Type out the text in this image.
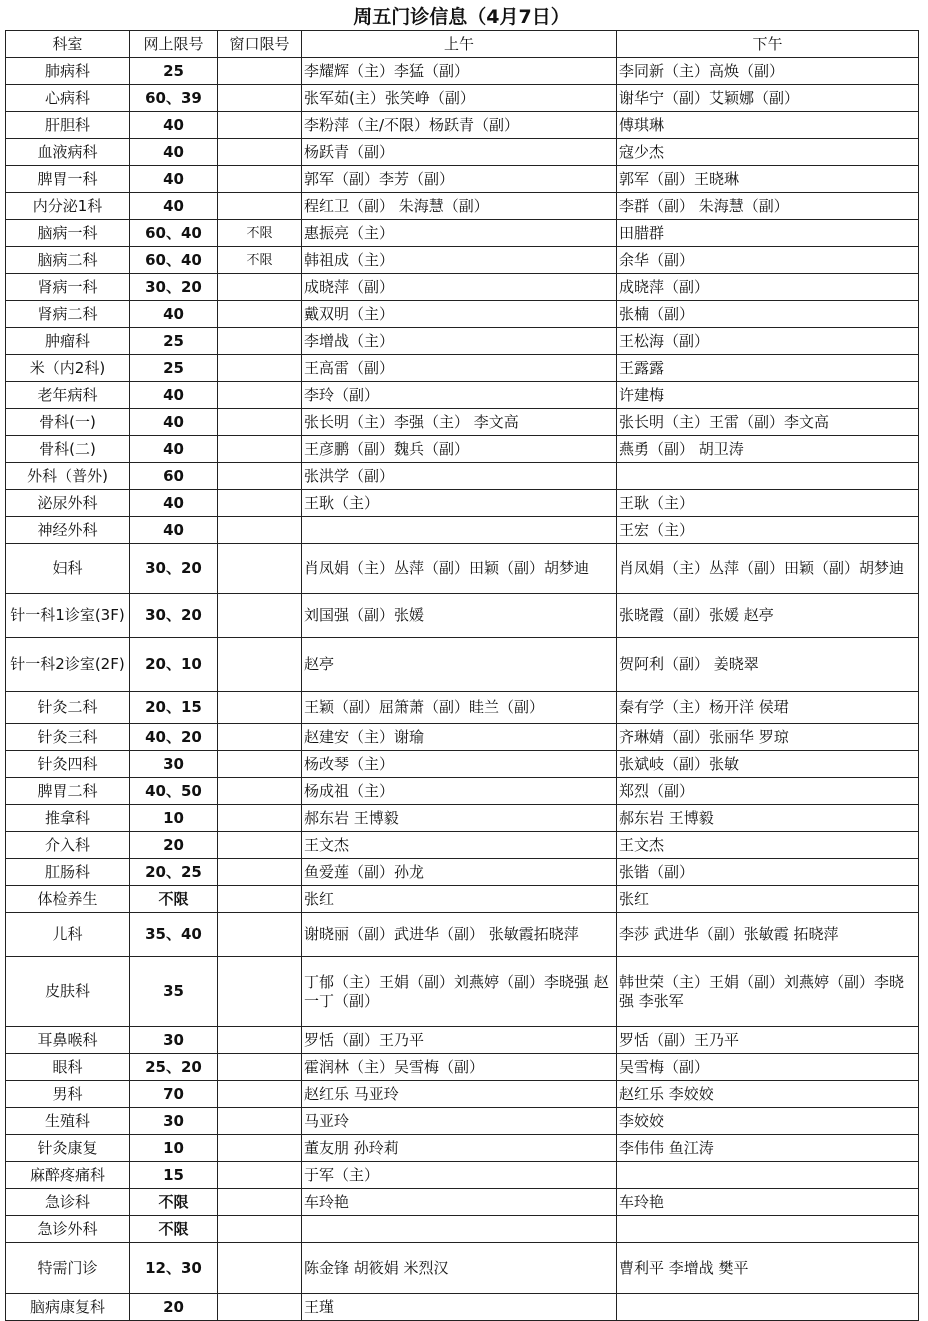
周五门诊信息（4月7日）
科室	网上限号	窗口限号	上午	下午
肺病科	25		李耀辉（主）李猛（副）	李同新（主）高焕（副）
心病科	60、39		张军茹(主）张笑峥（副）	谢华宁（副）艾颖娜（副）
肝胆科	40		李粉萍（主/不限）杨跃青（副）	傅琪琳
血液病科	40		杨跃青（副）	寇少杰
脾胃一科	40		郭军（副）李芳（副）	郭军（副）王晓琳
内分泌1科	40		程红卫（副） 朱海慧（副）	李群（副） 朱海慧（副）
脑病一科	60、40	不限	惠振亮（主）	田腊群
脑病二科	60、40	不限	韩祖成（主）	余华（副）
肾病一科	30、20		成晓萍（副）	成晓萍（副）
肾病二科	40		戴双明（主）	张楠（副）
肿瘤科	25		李增战（主）	王松海（副）
米（内2科)	25		王高雷（副）	王露露
老年病科	40		李玲（副）	许建梅
骨科(一)	40		张长明（主）李强（主） 李文高	张长明（主）王雷（副）李文高
骨科(二)	40		王彦鹏（副）魏兵（副）	燕勇（副） 胡卫涛
外科（普外)	60		张洪学（副）	
泌尿外科	40		王耿（主）	王耿（主）
神经外科	40			王宏（主）
妇科	30、20		肖凤娟（主）丛萍（副）田颖（副）胡梦迪	肖凤娟（主）丛萍（副）田颖（副）胡梦迪
针一科1诊室(3F)	30、20		刘国强（副）张媛	张晓霞（副）张媛 赵亭
针一科2诊室(2F)	20、10		赵亭	贺阿利（副） 姜晓翠
针灸二科	20、15		王颖（副）屈箫萧（副）眭兰（副）	秦有学（主）杨开洋 侯珺
针灸三科	40、20		赵建安（主）谢瑜	齐琳婧（副）张丽华 罗琼
针灸四科	30		杨改琴（主）	张斌岐（副）张敏
脾胃二科	40、50		杨成祖（主）	郑烈（副）
推拿科	10		郝东岩 王博毅	郝东岩 王博毅
介入科	20		王文杰	王文杰
肛肠科	20、25		鱼爱莲（副）孙龙	张锴（副）
体检养生	不限		张红	张红
儿科	35、40		谢晓丽（副）武进华（副） 张敏霞拓晓萍	李莎 武进华（副）张敏霞 拓晓萍
皮肤科	35		丁郁（主）王娟（副）刘燕婷（副）李晓强 赵一丁（副）	韩世荣（主）王娟（副）刘燕婷（副）李晓强 李张军
耳鼻喉科	30		罗恬（副）王乃平	罗恬（副）王乃平
眼科	25、20		霍润林（主）吴雪梅（副）	吴雪梅（副）
男科	70		赵红乐 马亚玲	赵红乐 李姣姣
生殖科	30		马亚玲	李姣姣
针灸康复	10		董友朋 孙玲莉	李伟伟 鱼江涛
麻醉疼痛科	15		于军（主）	
急诊科	不限		车玲艳	车玲艳
急诊外科	不限			
特需门诊	12、30		陈金锋 胡筱娟 米烈汉	曹利平 李增战 樊平
脑病康复科	20		王瑾	
